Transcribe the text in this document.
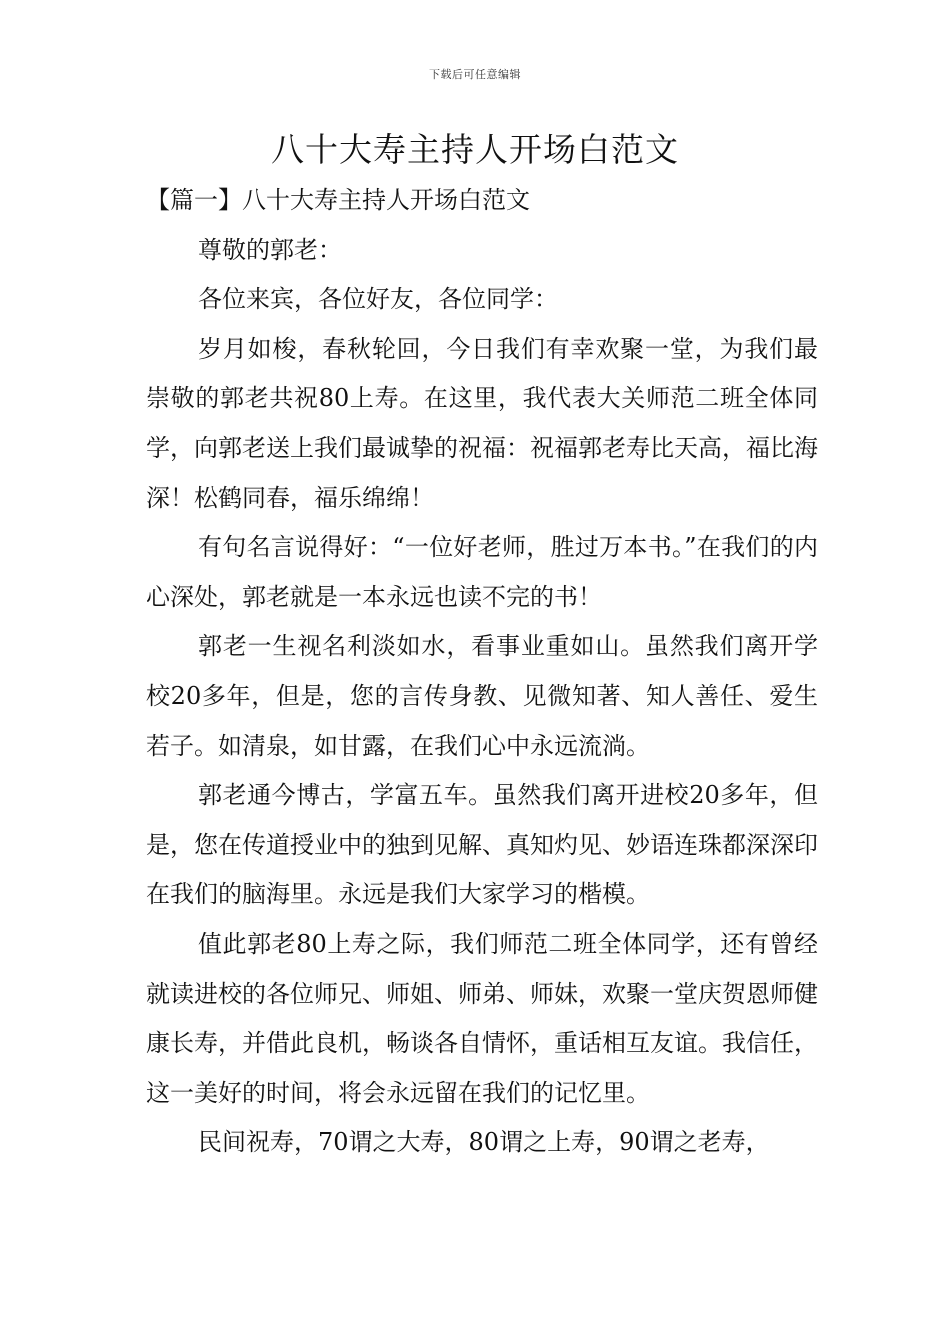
下载后可任意编辑
八十大寿主持人开场白范文
【篇一】八十大寿主持人开场白范文

尊敬的郭老：

各位来宾，各位好友，各位同学：

岁月如梭，春秋轮回，今日我们有幸欢聚一堂，为我们最崇敬的郭老共祝80上寿。在这里，我代表大关师范二班全体同学，向郭老送上我们最诚挚的祝福：祝福郭老寿比天高，福比海深！松鹤同春，福乐绵绵！

有句名言说得好：“一位好老师，胜过万本书。”在我们的内心深处，郭老就是一本永远也读不完的书！

郭老一生视名利淡如水，看事业重如山。虽然我们离开学校20多年，但是，您的言传身教、见微知著、知人善任、爱生若子。如清泉，如甘露，在我们心中永远流淌。

郭老通今博古，学富五车。虽然我们离开进校20多年，但是，您在传道授业中的独到见解、真知灼见、妙语连珠都深深印在我们的脑海里。永远是我们大家学习的楷模。

值此郭老80上寿之际，我们师范二班全体同学，还有曾经就读进校的各位师兄、师姐、师弟、师妹，欢聚一堂庆贺恩师健康长寿，并借此良机，畅谈各自情怀，重话相互友谊。我信任，这一美好的时间，将会永远留在我们的记忆里。

民间祝寿，70谓之大寿，80谓之上寿，90谓之老寿，
